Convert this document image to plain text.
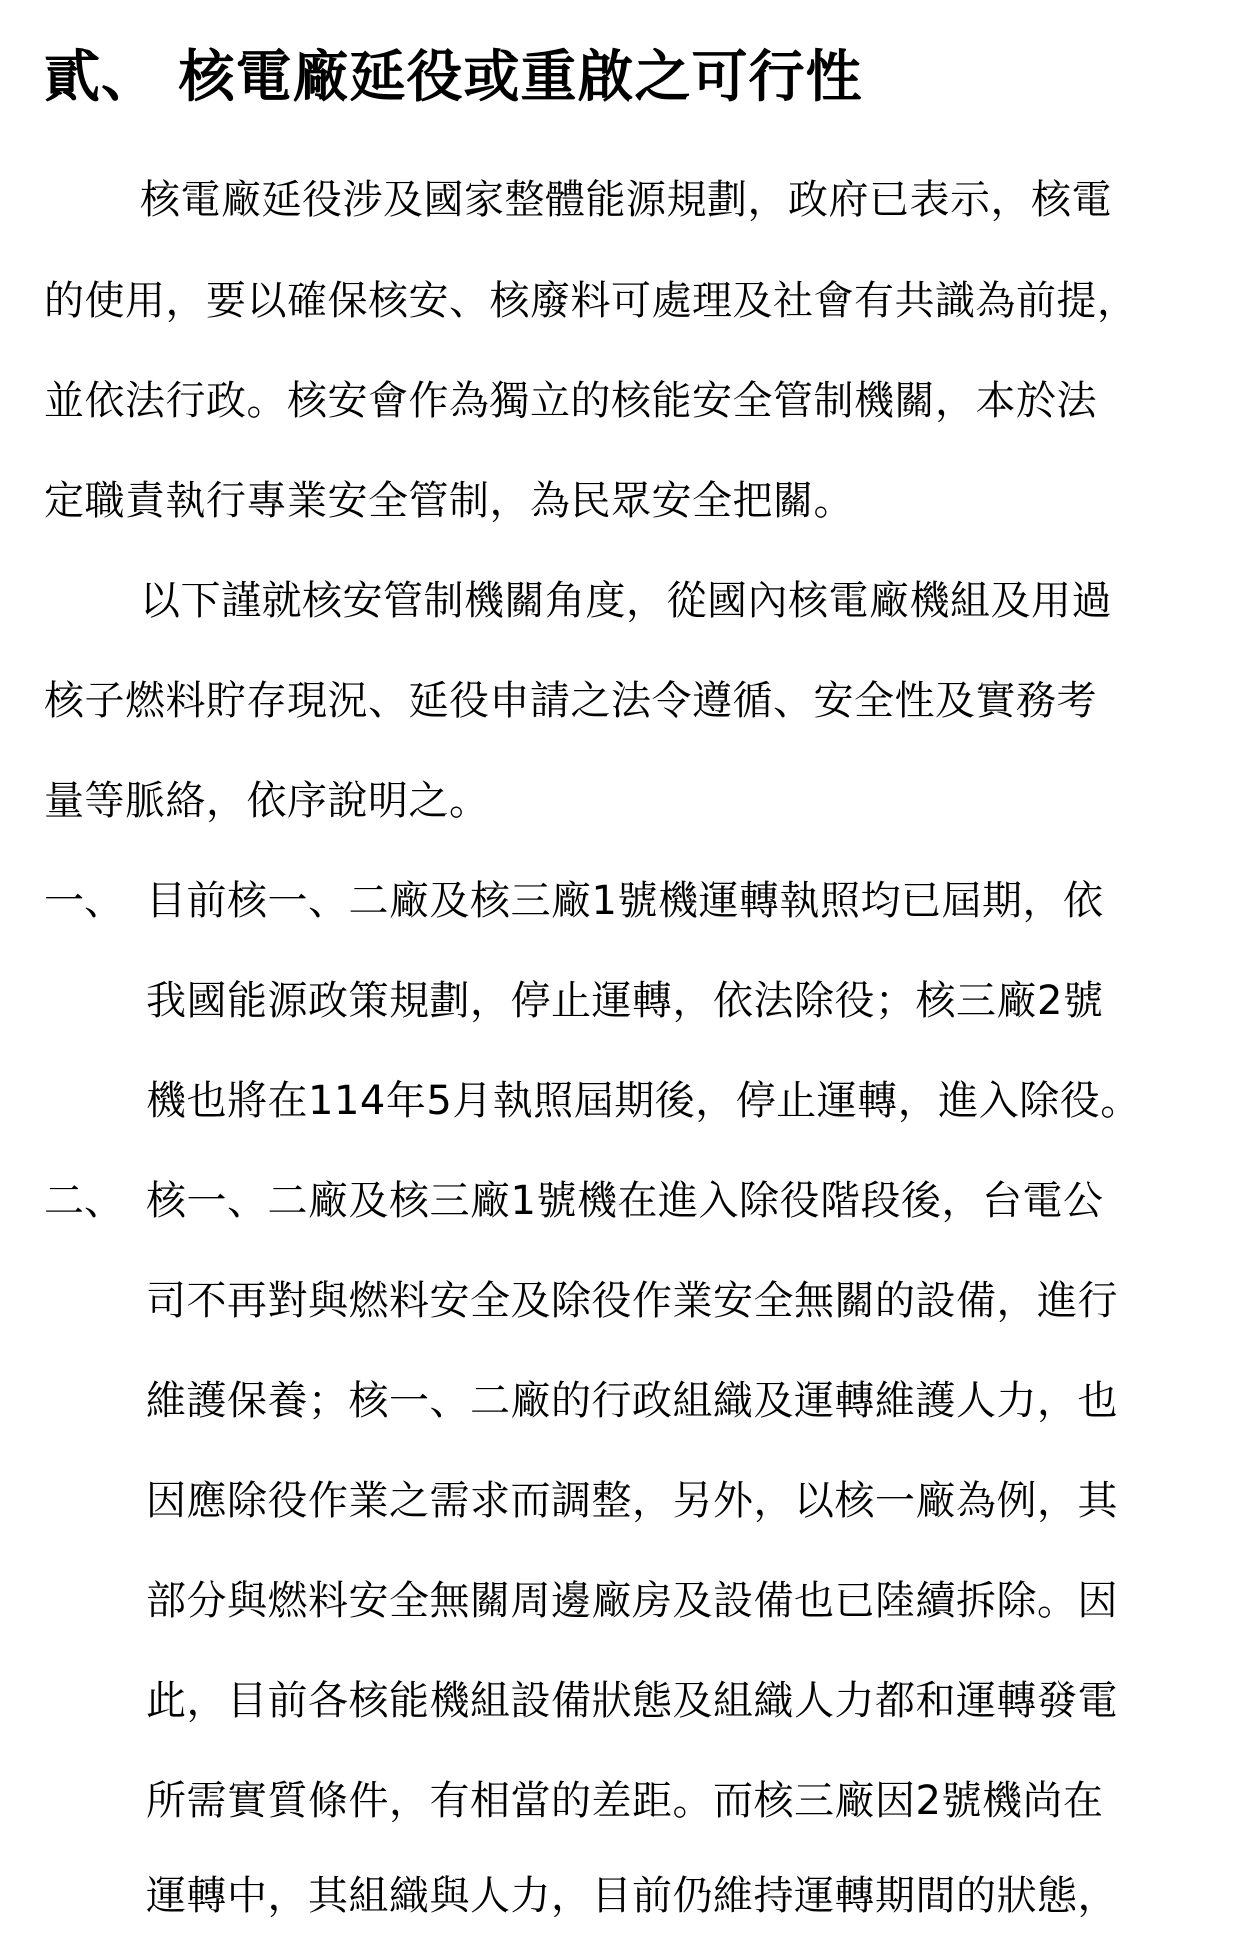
貳、 核電廠延役或重啟之可行性
核電廠延役涉及國家整體能源規劃，政府已表示，核電
的使用，要以確保核安、核廢料可處理及社會有共識為前提，
並依法行政。核安會作為獨立的核能安全管制機關，本於法
定職責執行專業安全管制，為民眾安全把關。
以下謹就核安管制機關角度，從國內核電廠機組及用過
核子燃料貯存現況、延役申請之法令遵循、安全性及實務考
量等脈絡，依序說明之。
一、 目前核一、二廠及核三廠1號機運轉執照均已屆期，依
我國能源政策規劃，停止運轉，依法除役；核三廠2號
機也將在114年5月執照屆期後，停止運轉，進入除役。
二、 核一、二廠及核三廠1號機在進入除役階段後，台電公
司不再對與燃料安全及除役作業安全無關的設備，進行
維護保養；核一、二廠的行政組織及運轉維護人力，也
因應除役作業之需求而調整，另外，以核一廠為例，其
部分與燃料安全無關周邊廠房及設備也已陸續拆除。因
此，目前各核能機組設備狀態及組織人力都和運轉發電
所需實質條件，有相當的差距。而核三廠因2號機尚在
運轉中，其組織與人力，目前仍維持運轉期間的狀態，
